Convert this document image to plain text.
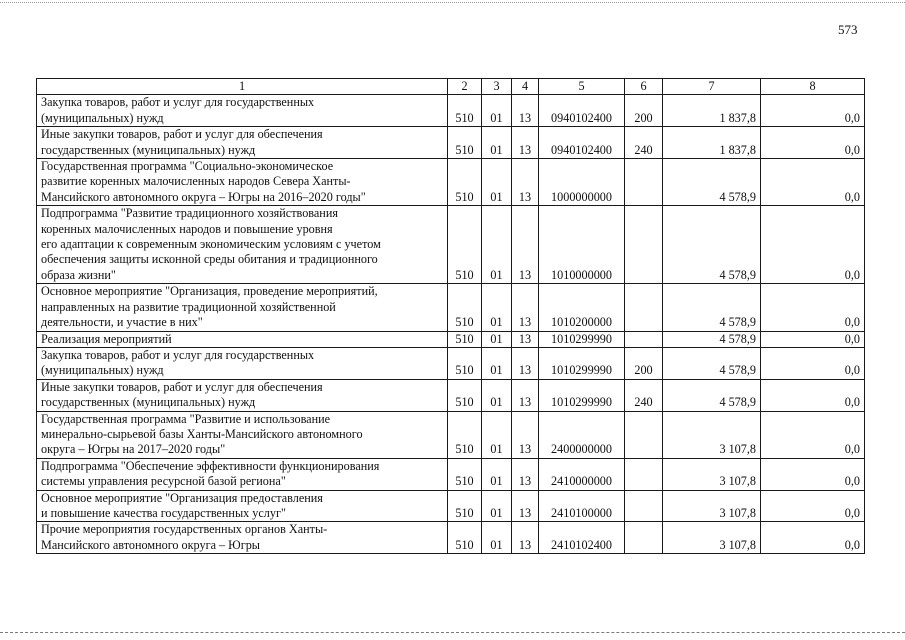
573
1	2	3	4	5	6	7	8
Закупка товаров, работ и услуг для государственных
(муниципальных) нужд	510	01	13	0940102400	200	1 837,8	0,0
Иные закупки товаров, работ и услуг для обеспечения
государственных (муниципальных) нужд	510	01	13	0940102400	240	1 837,8	0,0
Государственная программа "Социально-экономическое
развитие коренных малочисленных народов Севера Ханты-
Мансийского автономного округа – Югры на 2016–2020 годы"	510	01	13	1000000000		4 578,9	0,0
Подпрограмма "Развитие традиционного хозяйствования
коренных малочисленных народов и повышение уровня
его адаптации к современным экономическим условиям с учетом
обеспечения защиты исконной среды обитания и традиционного
образа жизни"	510	01	13	1010000000		4 578,9	0,0
Основное мероприятие "Организация, проведение мероприятий,
направленных на развитие традиционной хозяйственной
деятельности, и участие в них"	510	01	13	1010200000		4 578,9	0,0
Реализация мероприятий	510	01	13	1010299990		4 578,9	0,0
Закупка товаров, работ и услуг для государственных
(муниципальных) нужд	510	01	13	1010299990	200	4 578,9	0,0
Иные закупки товаров, работ и услуг для обеспечения
государственных (муниципальных) нужд	510	01	13	1010299990	240	4 578,9	0,0
Государственная программа "Развитие и использование
минерально-сырьевой базы Ханты-Мансийского автономного
округа – Югры на 2017–2020 годы"	510	01	13	2400000000		3 107,8	0,0
Подпрограмма "Обеспечение эффективности функционирования
системы управления ресурсной базой региона"	510	01	13	2410000000		3 107,8	0,0
Основное мероприятие "Организация предоставления
и повышение качества государственных услуг"	510	01	13	2410100000		3 107,8	0,0
Прочие мероприятия государственных органов Ханты-
Мансийского автономного округа – Югры	510	01	13	2410102400		3 107,8	0,0
